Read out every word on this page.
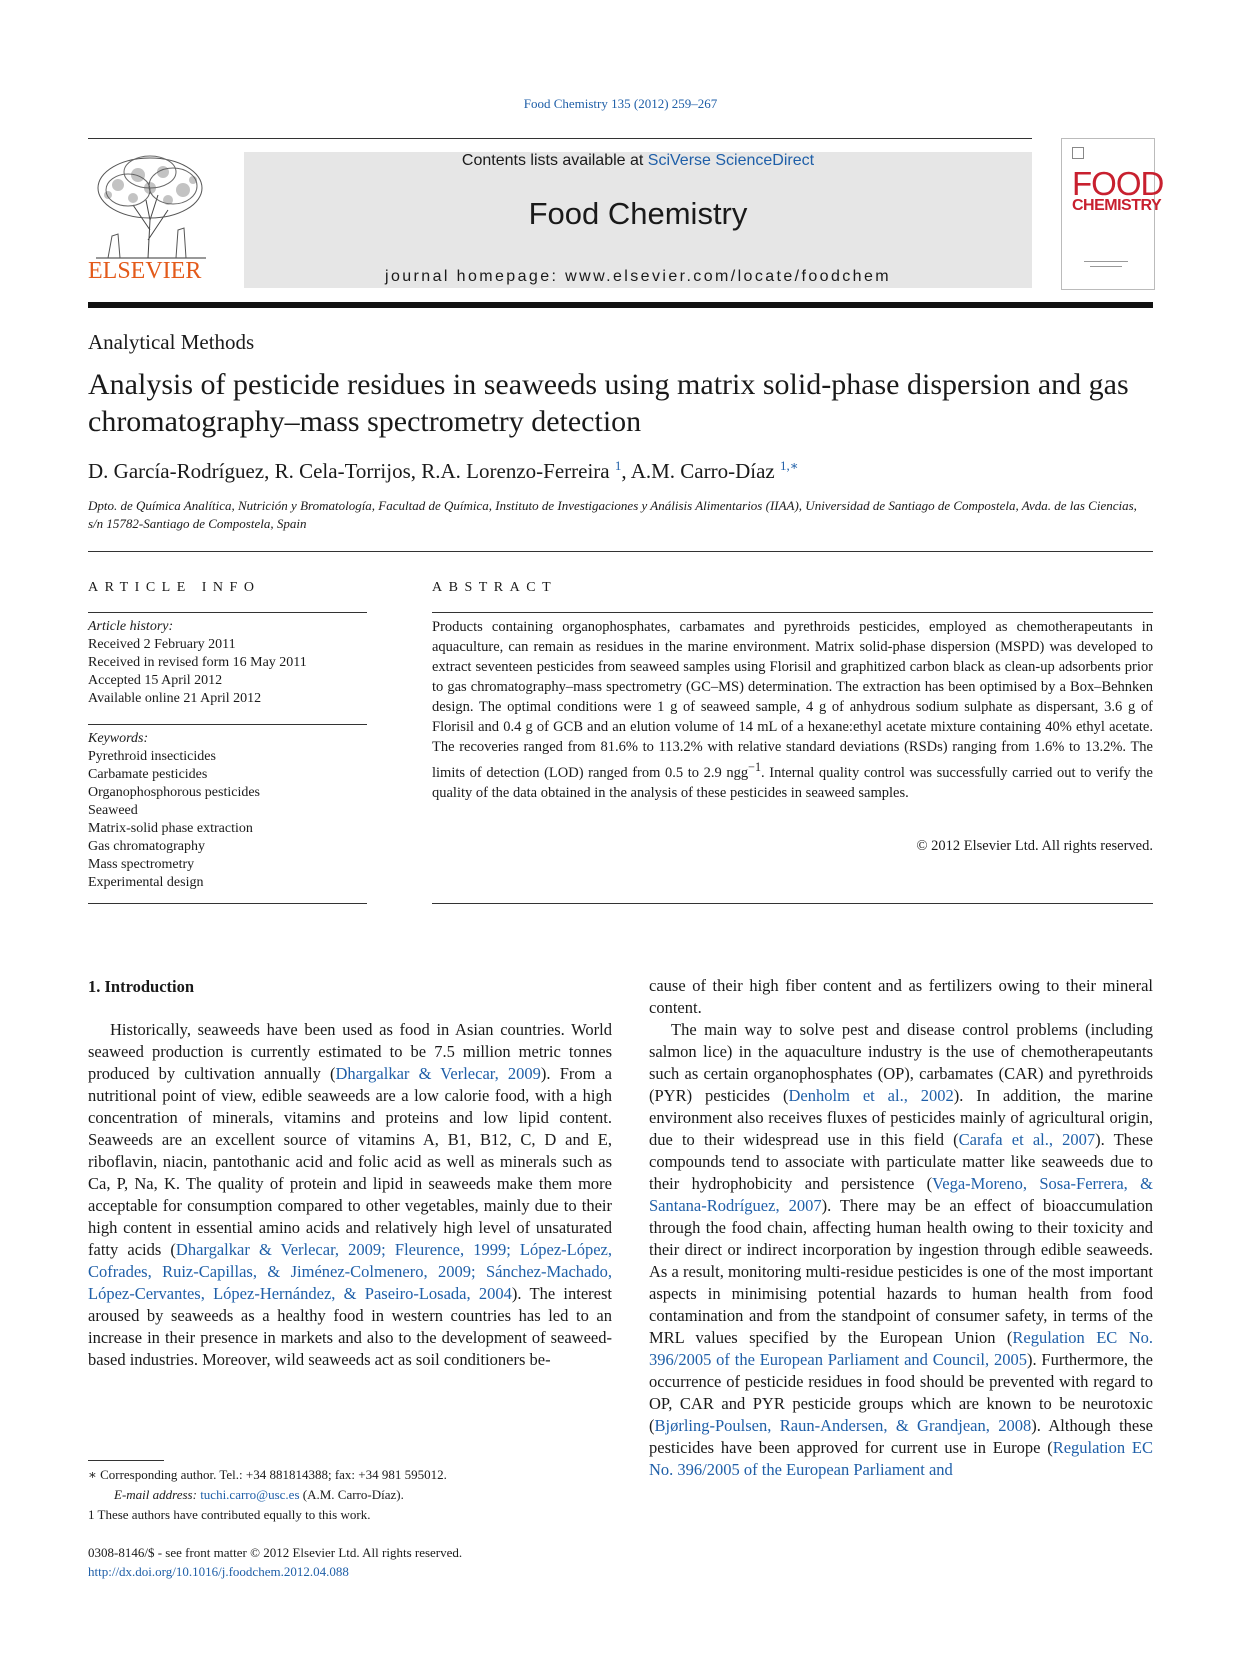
Food Chemistry 135 (2012) 259–267
ELSEVIER
Contents lists available at SciVerse ScienceDirect
Food Chemistry
journal homepage: www.elsevier.com/locate/foodchem
FOOD
CHEMISTRY
Analytical Methods
Analysis of pesticide residues in seaweeds using matrix solid-phase dispersion and gas chromatography–mass spectrometry detection
D. García-Rodríguez, R. Cela-Torrijos, R.A. Lorenzo-Ferreira $^1$, A.M. Carro-Díaz $^{1,∗}$
Dpto. de Química Analítica, Nutrición y Bromatología, Facultad de Química, Instituto de Investigaciones y Análisis Alimentarios (IIAA), Universidad de Santiago de Compostela, Avda. de las Ciencias, s/n 15782-Santiago de Compostela, Spain
ARTICLE INFO
Article history:
Received 2 February 2011
Received in revised form 16 May 2011
Accepted 15 April 2012
Available online 21 April 2012
Keywords:
Pyrethroid insecticides
Carbamate pesticides
Organophosphorous pesticides
Seaweed
Matrix-solid phase extraction
Gas chromatography
Mass spectrometry
Experimental design
ABSTRACT
Products containing organophosphates, carbamates and pyrethroids pesticides, employed as chemotherapeutants in aquaculture, can remain as residues in the marine environment. Matrix solid-phase dispersion (MSPD) was developed to extract seventeen pesticides from seaweed samples using Florisil and graphitized carbon black as clean-up adsorbents prior to gas chromatography–mass spectrometry (GC–MS) determination. The extraction has been optimised by a Box–Behnken design. The optimal conditions were 1 g of seaweed sample, 4 g of anhydrous sodium sulphate as dispersant, 3.6 g of Florisil and 0.4 g of GCB and an elution volume of 14 mL of a hexane:ethyl acetate mixture containing 40% ethyl acetate. The recoveries ranged from 81.6% to 113.2% with relative standard deviations (RSDs) ranging from 1.6% to 13.2%. The limits of detection (LOD) ranged from 0.5 to 2.9 ngg$^{-1}$. Internal quality control was successfully carried out to verify the quality of the data obtained in the analysis of these pesticides in seaweed samples.
© 2012 Elsevier Ltd. All rights reserved.
1. Introduction

Historically, seaweeds have been used as food in Asian countries. World seaweed production is currently estimated to be 7.5 million metric tonnes produced by cultivation annually (Dhargalkar & Verlecar, 2009). From a nutritional point of view, edible seaweeds are a low calorie food, with a high concentration of minerals, vitamins and proteins and low lipid content. Seaweeds are an excellent source of vitamins A, B1, B12, C, D and E, riboflavin, niacin, pantothanic acid and folic acid as well as minerals such as Ca, P, Na, K. The quality of protein and lipid in seaweeds make them more acceptable for consumption compared to other vegetables, mainly due to their high content in essential amino acids and relatively high level of unsaturated fatty acids (Dhargalkar & Verlecar, 2009; Fleurence, 1999; López-López, Cofrades, Ruiz-Capillas, & Jiménez-Colmenero, 2009; Sánchez-Machado, López-Cervantes, López-Hernández, & Paseiro-Losada, 2004). The interest aroused by seaweeds as a healthy food in western countries has led to an increase in their presence in markets and also to the development of seaweed-based industries. Moreover, wild seaweeds act as soil conditioners be-

cause of their high fiber content and as fertilizers owing to their mineral content.

The main way to solve pest and disease control problems (including salmon lice) in the aquaculture industry is the use of chemotherapeutants such as certain organophosphates (OP), carbamates (CAR) and pyrethroids (PYR) pesticides (Denholm et al., 2002). In addition, the marine environment also receives fluxes of pesticides mainly of agricultural origin, due to their widespread use in this field (Carafa et al., 2007). These compounds tend to associate with particulate matter like seaweeds due to their hydrophobicity and persistence (Vega-Moreno, Sosa-Ferrera, & Santana-Rodríguez, 2007). There may be an effect of bioaccumulation through the food chain, affecting human health owing to their toxicity and their direct or indirect incorporation by ingestion through edible seaweeds. As a result, monitoring multi-residue pesticides is one of the most important aspects in minimising potential hazards to human health from food contamination and from the standpoint of consumer safety, in terms of the MRL values specified by the European Union (Regulation EC No. 396/2005 of the European Parliament and Council, 2005). Furthermore, the occurrence of pesticide residues in food should be prevented with regard to OP, CAR and PYR pesticide groups which are known to be neurotoxic (Bjørling-Poulsen, Raun-Andersen, & Grandjean, 2008). Although these pesticides have been approved for current use in Europe (Regulation EC No. 396/2005 of the European Parliament and

∗ Corresponding author. Tel.: +34 881814388; fax: +34 981 595012.
E-mail address: tuchi.carro@usc.es (A.M. Carro-Díaz).
1 These authors have contributed equally to this work.
0308-8146/$ - see front matter © 2012 Elsevier Ltd. All rights reserved.
http://dx.doi.org/10.1016/j.foodchem.2012.04.088
